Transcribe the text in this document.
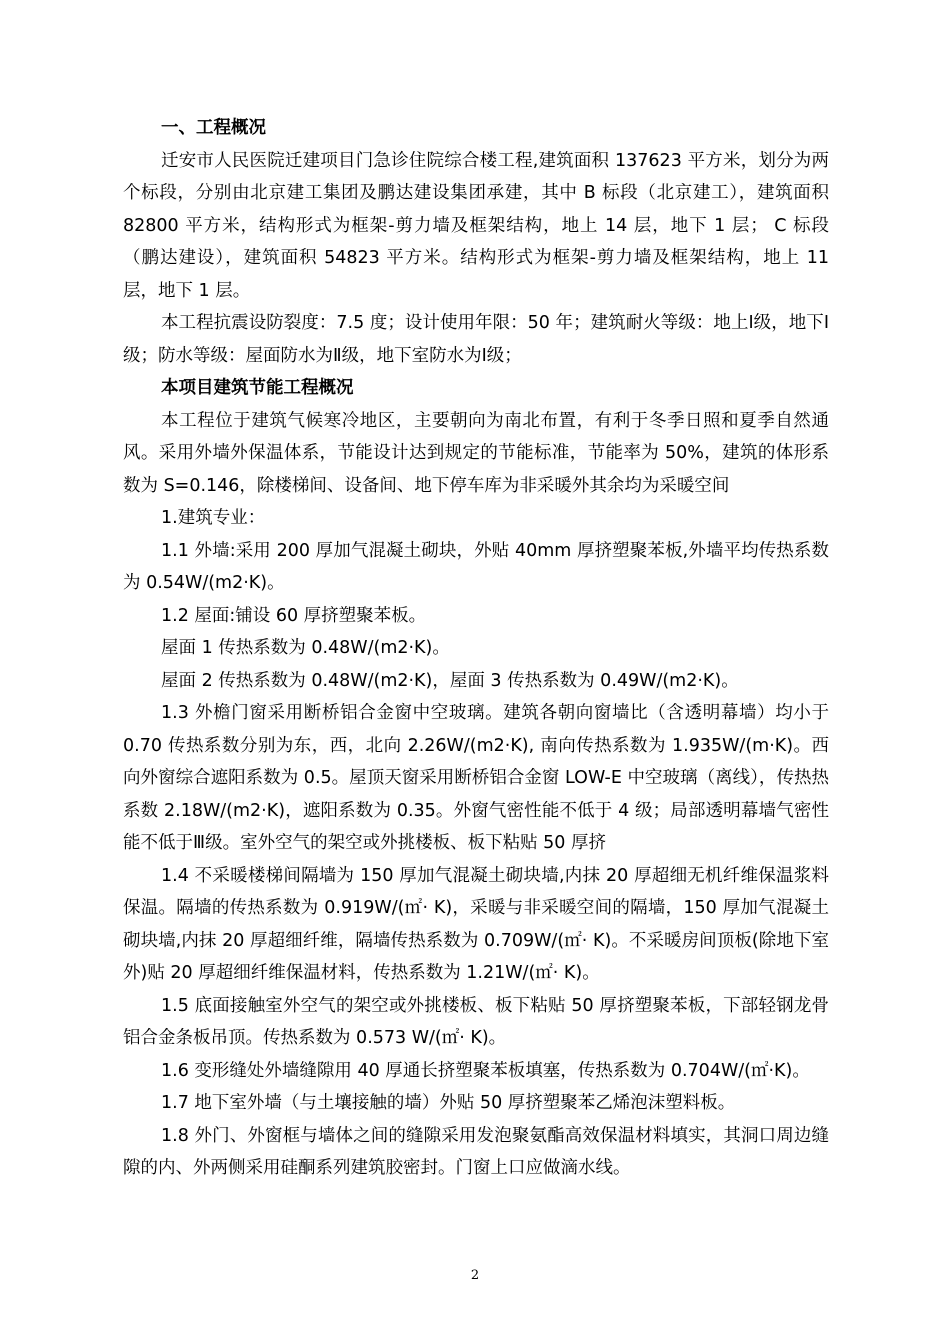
一、工程概况

迁安市人民医院迁建项目门急诊住院综合楼工程,建筑面积 137623 平方米，划分为两个标段，分别由北京建工集团及鹏达建设集团承建，其中 B 标段（北京建工），建筑面积 82800 平方米，结构形式为框架-剪力墙及框架结构，地上 14 层，地下 1 层； C 标段（鹏达建设），建筑面积 54823 平方米。结构形式为框架-剪力墙及框架结构，地上 11 层，地下 1 层。

本工程抗震设防裂度：7.5 度；设计使用年限：50 年；建筑耐火等级：地上Ⅰ级，地下Ⅰ级；防水等级：屋面防水为Ⅱ级，地下室防水为Ⅰ级；

本项目建筑节能工程概况

本工程位于建筑气候寒冷地区，主要朝向为南北布置，有利于冬季日照和夏季自然通风。采用外墙外保温体系，节能设计达到规定的节能标准，节能率为 50%，建筑的体形系数为 S=0.146，除楼梯间、设备间、地下停车库为非采暖外其余均为采暖空间

1.建筑专业：

1.1 外墙:采用 200 厚加气混凝土砌块，外贴 40mm 厚挤塑聚苯板,外墙平均传热系数为 0.54W/(m2·K)。

1.2 屋面:铺设 60 厚挤塑聚苯板。

屋面 1 传热系数为 0.48W/(m2·K)。

屋面 2 传热系数为 0.48W/(m2·K)，屋面 3 传热系数为 0.49W/(m2·K)。

1.3 外檐门窗采用断桥铝合金窗中空玻璃。建筑各朝向窗墙比（含透明幕墙）均小于 0.70 传热系数分别为东，西，北向 2.26W/(m2·K), 南向传热系数为 1.935W/(m·K)。西向外窗综合遮阳系数为 0.5。屋顶天窗采用断桥铝合金窗 LOW-E 中空玻璃（离线），传热热系数 2.18W/(m2·K)，遮阳系数为 0.35。外窗气密性能不低于 4 级；局部透明幕墙气密性能不低于Ⅲ级。室外空气的架空或外挑楼板、板下粘贴 50 厚挤

1.4 不采暖楼梯间隔墙为 150 厚加气混凝土砌块墙,内抹 20 厚超细无机纤维保温浆料保温。隔墙的传热系数为 0.919W/(㎡· K)，采暖与非采暖空间的隔墙，150 厚加气混凝土砌块墙,内抹 20 厚超细纤维，隔墙传热系数为 0.709W/(㎡· K)。不采暖房间顶板(除地下室外)贴 20 厚超细纤维保温材料，传热系数为 1.21W/(㎡· K)。

1.5 底面接触室外空气的架空或外挑楼板、板下粘贴 50 厚挤塑聚苯板，下部轻钢龙骨铝合金条板吊顶。传热系数为 0.573 W/(㎡· K)。

1.6 变形缝处外墙缝隙用 40 厚通长挤塑聚苯板填塞，传热系数为 0.704W/(㎡·K)。

1.7 地下室外墙（与土壤接触的墙）外贴 50 厚挤塑聚苯乙烯泡沫塑料板。

1.8 外门、外窗框与墙体之间的缝隙采用发泡聚氨酯高效保温材料填实，其洞口周边缝隙的内、外两侧采用硅酮系列建筑胶密封。门窗上口应做滴水线。

2
